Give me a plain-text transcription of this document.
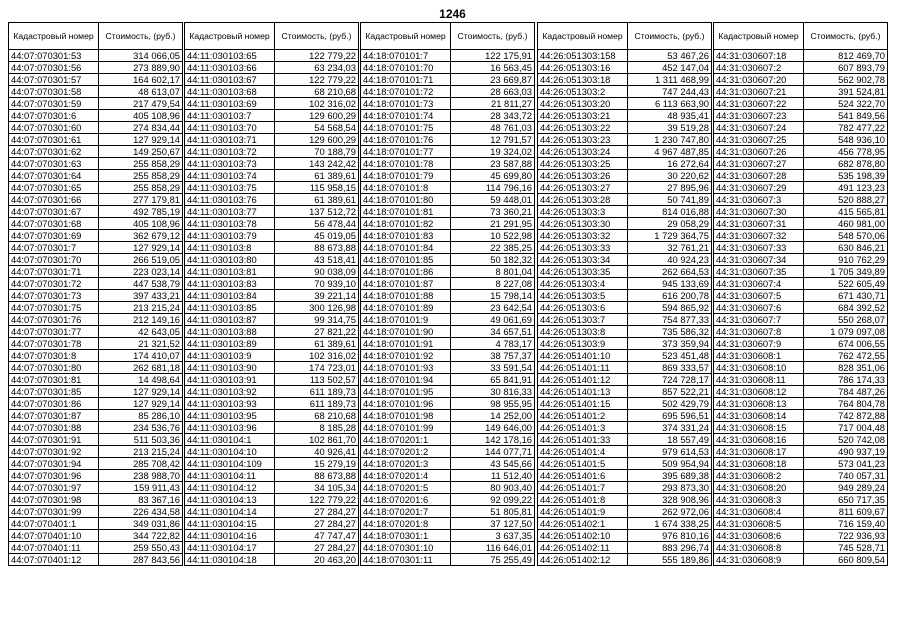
1246
Кадастровый номер	Стоимость, (руб.)
44:07:070301:53	314 066,05
44:07:070301:56	273 889,90
44:07:070301:57	164 602,17
44:07:070301:58	48 613,07
44:07:070301:59	217 479,54
44:07:070301:6	405 108,96
44:07:070301:60	274 834,44
44:07:070301:61	127 929,14
44:07:070301:62	149 250,67
44:07:070301:63	255 858,29
44:07:070301:64	255 858,29
44:07:070301:65	255 858,29
44:07:070301:66	277 179,81
44:07:070301:67	492 785,19
44:07:070301:68	405 108,96
44:07:070301:69	362 679,12
44:07:070301:7	127 929,14
44:07:070301:70	266 519,05
44:07:070301:71	223 023,14
44:07:070301:72	447 538,79
44:07:070301:73	397 433,21
44:07:070301:75	213 215,24
44:07:070301:76	212 149,16
44:07:070301:77	42 643,05
44:07:070301:78	21 321,52
44:07:070301:8	174 410,07
44:07:070301:80	262 681,18
44:07:070301:81	14 498,64
44:07:070301:85	127 929,14
44:07:070301:86	127 929,14
44:07:070301:87	85 286,10
44:07:070301:88	234 536,76
44:07:070301:91	511 503,36
44:07:070301:92	213 215,24
44:07:070301:94	285 708,42
44:07:070301:96	238 988,70
44:07:070301:97	159 911,43
44:07:070301:98	83 367,16
44:07:070301:99	226 434,58
44:07:070401:1	349 031,86
44:07:070401:10	344 722,82
44:07:070401:11	259 550,43
44:07:070401:12	287 843,56
Кадастровый номер	Стоимость, (руб.)
44:11:030103:65	122 779,22
44:11:030103:66	63 234,03
44:11:030103:67	122 779,22
44:11:030103:68	68 210,68
44:11:030103:69	102 316,02
44:11:030103:7	129 600,29
44:11:030103:70	54 568,54
44:11:030103:71	129 600,29
44:11:030103:72	70 188,79
44:11:030103:73	143 242,42
44:11:030103:74	61 389,61
44:11:030103:75	115 958,15
44:11:030103:76	61 389,61
44:11:030103:77	137 512,72
44:11:030103:78	56 478,44
44:11:030103:79	45 019,05
44:11:030103:8	88 673,88
44:11:030103:80	43 518,41
44:11:030103:81	90 038,09
44:11:030103:83	70 939,10
44:11:030103:84	39 221,14
44:11:030103:85	300 126,98
44:11:030103:87	99 314,75
44:11:030103:88	27 821,22
44:11:030103:89	61 389,61
44:11:030103:9	102 316,02
44:11:030103:90	174 723,01
44:11:030103:91	113 502,57
44:11:030103:92	611 189,73
44:11:030103:93	611 189,73
44:11:030103:95	68 210,68
44:11:030103:96	8 185,28
44:11:030104:1	102 861,70
44:11:030104:10	40 926,41
44:11:030104:109	15 279,19
44:11:030104:11	88 673,88
44:11:030104:12	34 105,34
44:11:030104:13	122 779,22
44:11:030104:14	27 284,27
44:11:030104:15	27 284,27
44:11:030104:16	47 747,47
44:11:030104:17	27 284,27
44:11:030104:18	20 463,20
Кадастровый номер	Стоимость, (руб.)
44:18:070101:7	122 175,91
44:18:070101:70	16 563,45
44:18:070101:71	23 669,87
44:18:070101:72	28 663,03
44:18:070101:73	21 811,27
44:18:070101:74	28 343,72
44:18:070101:75	48 761,03
44:18:070101:76	12 791,57
44:18:070101:77	19 324,02
44:18:070101:78	23 587,88
44:18:070101:79	45 699,80
44:18:070101:8	114 796,16
44:18:070101:80	59 448,01
44:18:070101:81	73 360,21
44:18:070101:82	21 291,95
44:18:070101:83	10 522,98
44:18:070101:84	22 385,25
44:18:070101:85	50 182,32
44:18:070101:86	8 801,04
44:18:070101:87	8 227,08
44:18:070101:88	15 798,14
44:18:070101:89	23 642,54
44:18:070101:9	49 061,69
44:18:070101:90	34 657,51
44:18:070101:91	4 783,17
44:18:070101:92	38 757,37
44:18:070101:93	33 591,54
44:18:070101:94	65 841,91
44:18:070101:95	30 816,33
44:18:070101:96	98 955,95
44:18:070101:98	14 252,00
44:18:070101:99	149 646,00
44:18:070201:1	142 178,16
44:18:070201:2	144 077,71
44:18:070201:3	43 545,66
44:18:070201:4	11 512,40
44:18:070201:5	80 903,40
44:18:070201:6	92 099,22
44:18:070201:7	51 805,81
44:18:070201:8	37 127,50
44:18:070301:1	3 637,35
44:18:070301:10	116 646,01
44:18:070301:11	75 255,49
Кадастровый номер	Стоимость, (руб.)
44:26:051303:158	53 467,26
44:26:051303:16	452 147,04
44:26:051303:18	1 311 468,99
44:26:051303:2	747 244,43
44:26:051303:20	6 113 663,90
44:26:051303:21	48 935,41
44:26:051303:22	39 519,28
44:26:051303:23	1 230 747,80
44:26:051303:24	4 967 487,85
44:26:051303:25	16 272,64
44:26:051303:26	30 220,62
44:26:051303:27	27 895,96
44:26:051303:28	50 741,89
44:26:051303:3	814 016,88
44:26:051303:30	29 058,29
44:26:051303:32	1 729 364,75
44:26:051303:33	32 761,21
44:26:051303:34	40 924,23
44:26:051303:35	262 664,53
44:26:051303:4	945 133,69
44:26:051303:5	616 200,78
44:26:051303:6	594 865,92
44:26:051303:7	754 877,33
44:26:051303:8	735 586,32
44:26:051303:9	373 359,94
44:26:051401:10	523 451,48
44:26:051401:11	869 333,57
44:26:051401:12	724 728,17
44:26:051401:13	857 522,21
44:26:051401:15	502 429,79
44:26:051401:2	695 596,51
44:26:051401:3	374 331,24
44:26:051401:33	18 557,49
44:26:051401:4	979 614,53
44:26:051401:5	509 954,94
44:26:051401:6	395 689,38
44:26:051401:7	293 873,30
44:26:051401:8	328 908,96
44:26:051401:9	262 972,06
44:26:051402:1	1 674 338,25
44:26:051402:10	976 810,16
44:26:051402:11	883 296,74
44:26:051402:12	555 189,86
Кадастровый номер	Стоимость, (руб.)
44:31:030607:18	812 469,70
44:31:030607:2	607 893,79
44:31:030607:20	562 902,78
44:31:030607:21	391 524,81
44:31:030607:22	524 322,70
44:31:030607:23	541 849,56
44:31:030607:24	782 477,22
44:31:030607:25	548 936,10
44:31:030607:26	456 778,95
44:31:030607:27	682 878,80
44:31:030607:28	535 198,39
44:31:030607:29	491 123,23
44:31:030607:3	520 888,27
44:31:030607:30	415 565,81
44:31:030607:31	460 981,00
44:31:030607:32	548 570,06
44:31:030607:33	630 846,21
44:31:030607:34	910 762,29
44:31:030607:35	1 705 349,89
44:31:030607:4	522 605,49
44:31:030607:5	671 430,71
44:31:030607:6	684 392,52
44:31:030607:7	550 268,07
44:31:030607:8	1 079 097,08
44:31:030607:9	674 006,55
44:31:030608:1	762 472,55
44:31:030608:10	828 351,06
44:31:030608:11	786 174,33
44:31:030608:12	784 487,26
44:31:030608:13	764 804,78
44:31:030608:14	742 872,88
44:31:030608:15	717 004,48
44:31:030608:16	520 742,08
44:31:030608:17	490 937,19
44:31:030608:18	573 041,23
44:31:030608:2	740 057,31
44:31:030608:20	949 289,24
44:31:030608:3	650 717,35
44:31:030608:4	811 609,67
44:31:030608:5	716 159,40
44:31:030608:6	722 936,93
44:31:030608:8	745 528,71
44:31:030608:9	660 809,54
